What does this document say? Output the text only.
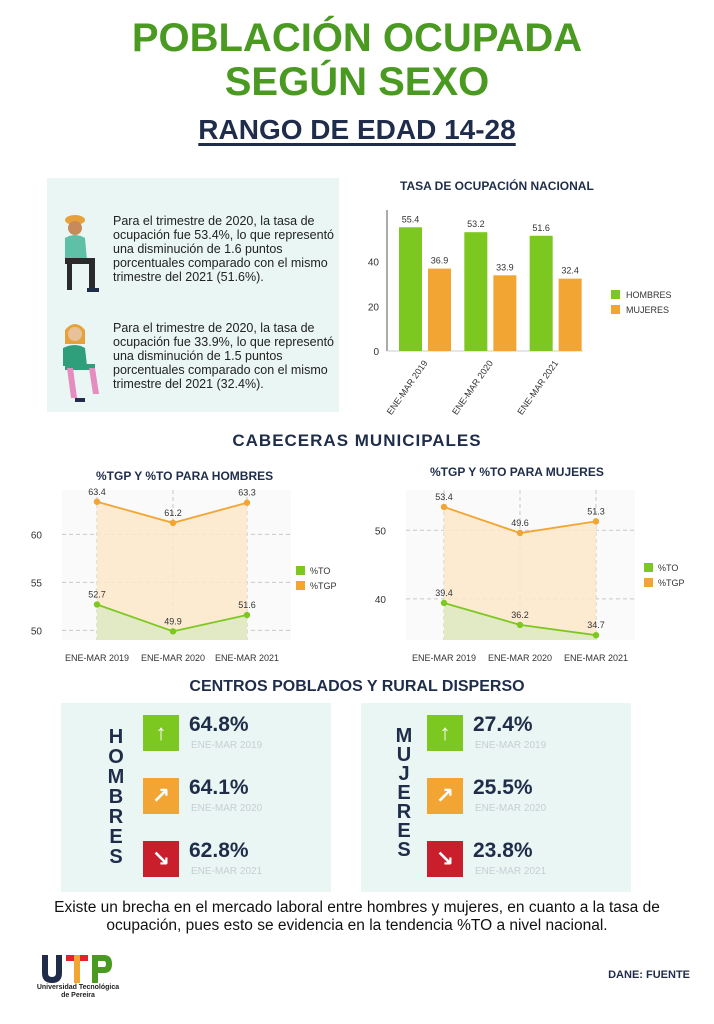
POBLACIÓN OCUPADA
SEGÚN SEXO
RANGO DE EDAD 14-28
Para el trimestre de 2020, la tasa de ocupación fue 53.4%, lo que representó una disminución de 1.6 puntos porcentuales comparado con el mismo trimestre del 2021 (51.6%).
Para el trimestre de 2020, la tasa de ocupación fue 33.9%, lo que representó una disminución de 1.5 puntos porcentuales comparado con el mismo trimestre del 2021 (32.4%).
TASA DE OCUPACIÓN NACIONAL
0
20
40
55.4
36.9
ENE-MAR 2019
53.2
33.9
ENE-MAR 2020
51.6
32.4
ENE-MAR 2021
HOMBRES
MUJERES
CABECERAS MUNICIPALES
%TGP Y %TO PARA HOMBRES
50
55
60
63.4
61.2
63.3
52.7
49.9
51.6
ENE-MAR 2019 ENE-MAR 2020 ENE-MAR 2021
%TO
%TGP
%TGP Y %TO PARA MUJERES
40
50
53.4
49.6
51.3
39.4
36.2
34.7
ENE-MAR 2019 ENE-MAR 2020 ENE-MAR 2021
%TO
%TGP
CENTROS POBLADOS Y RURAL DISPERSO
H
O
M
B
R
E
S
↑	64.8%
ENE-MAR 2019
↗ 64.1%
ENE-MAR 2020
↘ 62.8%
ENE-MAR 2021
M
U
J
E
R
E
S
↑	27.4%
ENE-MAR 2019
↗ 25.5%
ENE-MAR 2020
↘ 23.8%
ENE-MAR 2021
Existe un brecha en el mercado laboral entre hombres y mujeres, en cuanto a la tasa de ocupación, pues esto se evidencia en la tendencia %TO a nivel nacional.
Universidad Tecnológica de Pereira
DANE: FUENTE
